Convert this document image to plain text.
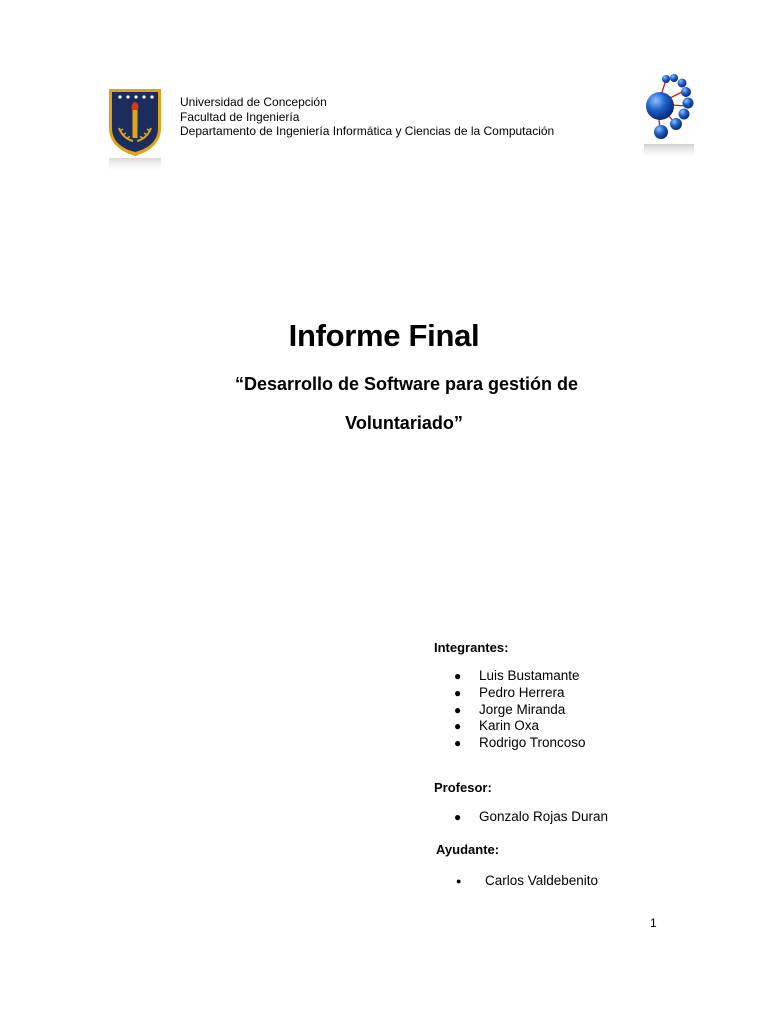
Universidad de Concepción
Facultad de Ingeniería
Departamento de Ingeniería Informática y Ciencias de la Computación
Informe Final
“Desarrollo de Software para gestión de
Voluntariado”
Integrantes:
● Luis Bustamante
● Pedro Herrera
● Jorge Miranda
● Karin Oxa
● Rodrigo Troncoso
Profesor:
● Gonzalo Rojas Duran
Ayudante:
● Carlos Valdebenito
1
